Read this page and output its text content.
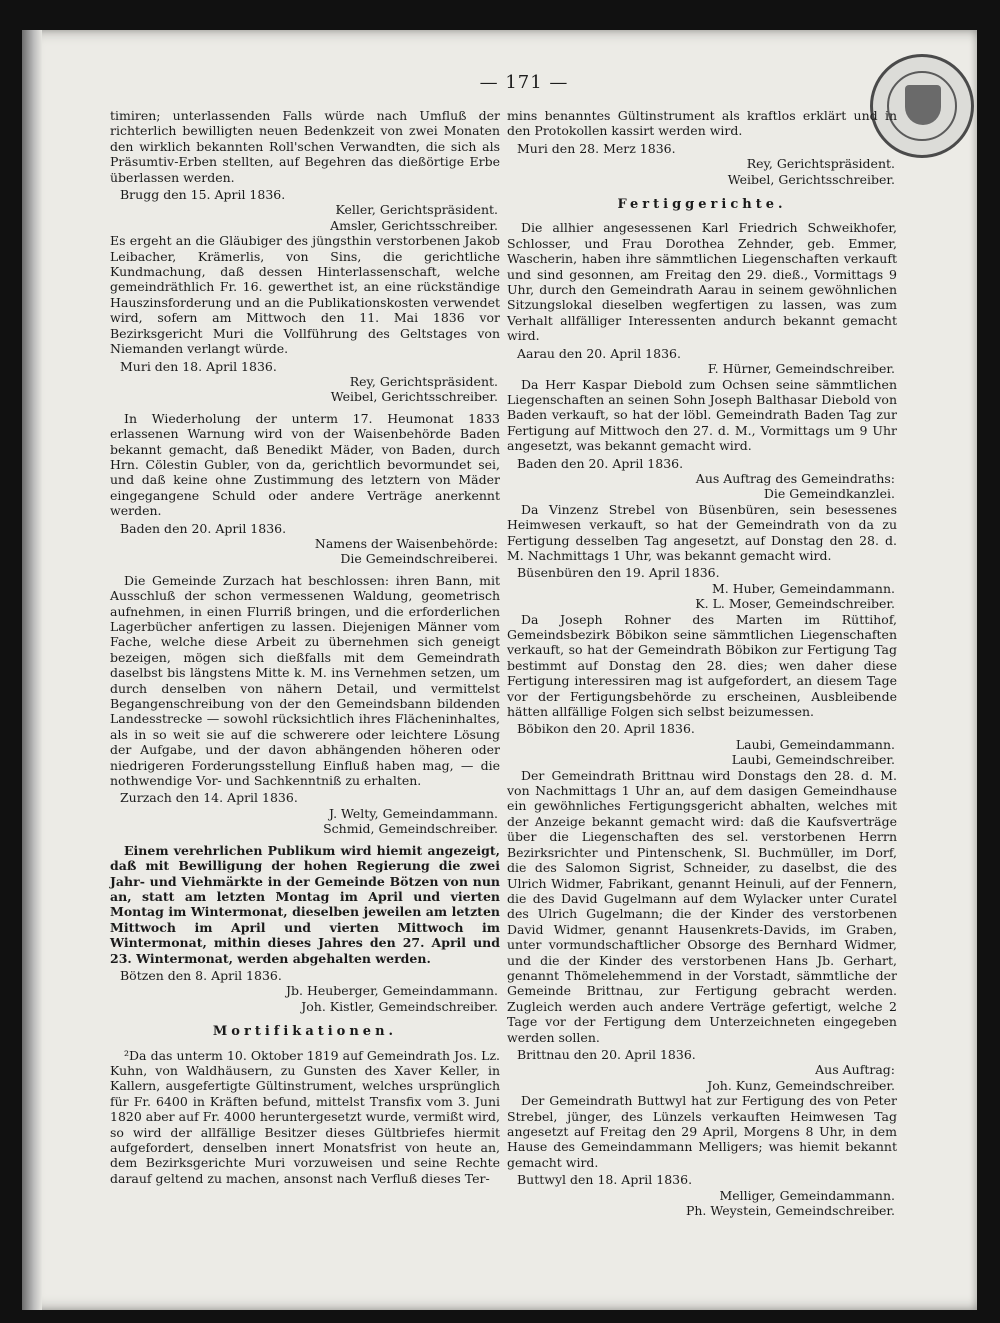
— 171 —
timiren; unterlassenden Falls würde nach Umfluß der richterlich bewilligten neuen Bedenkzeit von zwei Monaten den wirklich bekannten Roll'schen Verwandten, die sich als Präsumtiv-Erben stellten, auf Begehren das dießörtige Erbe überlassen werden.
Brugg den 15. April 1836.
Keller, Gerichtspräsident.
Amsler, Gerichtsschreiber.
Es ergeht an die Gläubiger des jüngsthin verstorbenen Jakob Leibacher, Krämerlis, von Sins, die gerichtliche Kundmachung, daß dessen Hinterlassenschaft, welche gemeindräthlich Fr. 16. gewerthet ist, an eine rückständige Hauszinsforderung und an die Publikationskosten verwendet wird, sofern am Mittwoch den 11. Mai 1836 vor Bezirksgericht Muri die Vollführung des Geltstages von Niemanden verlangt würde.
Muri den 18. April 1836.
Rey, Gerichtspräsident.
Weibel, Gerichtsschreiber.
In Wiederholung der unterm 17. Heumonat 1833 erlassenen Warnung wird von der Waisenbehörde Baden bekannt gemacht, daß Benedikt Mäder, von Baden, durch Hrn. Cölestin Gubler, von da, gerichtlich bevormundet sei, und daß keine ohne Zustimmung des letztern von Mäder eingegangene Schuld oder andere Verträge anerkennt werden.
Baden den 20. April 1836.
Namens der Waisenbehörde:
Die Gemeindschreiberei.
Die Gemeinde Zurzach hat beschlossen: ihren Bann, mit Ausschluß der schon vermessenen Waldung, geometrisch aufnehmen, in einen Flurriß bringen, und die erforderlichen Lagerbücher anfertigen zu lassen. Diejenigen Männer vom Fache, welche diese Arbeit zu übernehmen sich geneigt bezeigen, mögen sich dießfalls mit dem Gemeindrath daselbst bis längstens Mitte k. M. ins Vernehmen setzen, um durch denselben von nähern Detail, und vermittelst Begangenschreibung von der den Gemeindsbann bildenden Landesstrecke — sowohl rücksichtlich ihres Flächeninhaltes, als in so weit sie auf die schwerere oder leichtere Lösung der Aufgabe, und der davon abhängenden höheren oder niedrigeren Forderungsstellung Einfluß haben mag, — die nothwendige Vor- und Sachkenntniß zu erhalten.
Zurzach den 14. April 1836.
J. Welty, Gemeindammann.
Schmid, Gemeindschreiber.
Einem verehrlichen Publikum wird hiemit angezeigt, daß mit Bewilligung der hohen Regierung die zwei Jahr- und Viehmärkte in der Gemeinde Bötzen von nun an, statt am letzten Montag im April und vierten Montag im Wintermonat, dieselben jeweilen am letzten Mittwoch im April und vierten Mittwoch im Wintermonat, mithin dieses Jahres den 27. April und 23. Wintermonat, werden abgehalten werden.
Bötzen den 8. April 1836.
Jb. Heuberger, Gemeindammann.
Joh. Kistler, Gemeindschreiber.
Mortifikationen.
²Da das unterm 10. Oktober 1819 auf Gemeindrath Jos. Lz. Kuhn, von Waldhäusern, zu Gunsten des Xaver Keller, in Kallern, ausgefertigte Gültinstrument, welches ursprünglich für Fr. 6400 in Kräften befund, mittelst Transfix vom 3. Juni 1820 aber auf Fr. 4000 heruntergesetzt wurde, vermißt wird, so wird der allfällige Besitzer dieses Gültbriefes hiermit aufgefordert, denselben innert Monatsfrist von heute an, dem Bezirksgerichte Muri vorzuweisen und seine Rechte darauf geltend zu machen, ansonst nach Verfluß dieses Ter-
mins benanntes Gültinstrument als kraftlos erklärt und in den Protokollen kassirt werden wird.
Muri den 28. Merz 1836.
Rey, Gerichtspräsident.
Weibel, Gerichtsschreiber.
Fertiggerichte.
Die allhier angesessenen Karl Friedrich Schweikhofer, Schlosser, und Frau Dorothea Zehnder, geb. Emmer, Wascherin, haben ihre sämmtlichen Liegenschaften verkauft und sind gesonnen, am Freitag den 29. dieß., Vormittags 9 Uhr, durch den Gemeindrath Aarau in seinem gewöhnlichen Sitzungslokal dieselben wegfertigen zu lassen, was zum Verhalt allfälliger Interessenten andurch bekannt gemacht wird.
Aarau den 20. April 1836.
F. Hürner, Gemeindschreiber.
Da Herr Kaspar Diebold zum Ochsen seine sämmtlichen Liegenschaften an seinen Sohn Joseph Balthasar Diebold von Baden verkauft, so hat der löbl. Gemeindrath Baden Tag zur Fertigung auf Mittwoch den 27. d. M., Vormittags um 9 Uhr angesetzt, was bekannt gemacht wird.
Baden den 20. April 1836.
Aus Auftrag des Gemeindraths:
Die Gemeindkanzlei.
Da Vinzenz Strebel von Büsenbüren, sein besessenes Heimwesen verkauft, so hat der Gemeindrath von da zu Fertigung desselben Tag angesetzt, auf Donstag den 28. d. M. Nachmittags 1 Uhr, was bekannt gemacht wird.
Büsenbüren den 19. April 1836.
M. Huber, Gemeindammann.
K. L. Moser, Gemeindschreiber.
Da Joseph Rohner des Marten im Rüttihof, Gemeindsbezirk Böbikon seine sämmtlichen Liegenschaften verkauft, so hat der Gemeindrath Böbikon zur Fertigung Tag bestimmt auf Donstag den 28. dies; wen daher diese Fertigung interessiren mag ist aufgefordert, an diesem Tage vor der Fertigungsbehörde zu erscheinen, Ausbleibende hätten allfällige Folgen sich selbst beizumessen.
Böbikon den 20. April 1836.
Laubi, Gemeindammann.
Laubi, Gemeindschreiber.
Der Gemeindrath Brittnau wird Donstags den 28. d. M. von Nachmittags 1 Uhr an, auf dem dasigen Gemeindhause ein gewöhnliches Fertigungsgericht abhalten, welches mit der Anzeige bekannt gemacht wird: daß die Kaufsverträge über die Liegenschaften des sel. verstorbenen Herrn Bezirksrichter und Pintenschenk, Sl. Buchmüller, im Dorf, die des Salomon Sigrist, Schneider, zu daselbst, die des Ulrich Widmer, Fabrikant, genannt Heinuli, auf der Fennern, die des David Gugelmann auf dem Wylacker unter Curatel des Ulrich Gugelmann; die der Kinder des verstorbenen David Widmer, genannt Hausenkrets-Davids, im Graben, unter vormundschaftlicher Obsorge des Bernhard Widmer, und die der Kinder des verstorbenen Hans Jb. Gerhart, genannt Thömelehemmend in der Vorstadt, sämmtliche der Gemeinde Brittnau, zur Fertigung gebracht werden. Zugleich werden auch andere Verträge gefertigt, welche 2 Tage vor der Fertigung dem Unterzeichneten eingegeben werden sollen.
Brittnau den 20. April 1836.
Aus Auftrag:
Joh. Kunz, Gemeindschreiber.
Der Gemeindrath Buttwyl hat zur Fertigung des von Peter Strebel, jünger, des Lünzels verkauften Heimwesen Tag angesetzt auf Freitag den 29 April, Morgens 8 Uhr, in dem Hause des Gemeindammann Melligers; was hiemit bekannt gemacht wird.
Buttwyl den 18. April 1836.
Melliger, Gemeindammann.
Ph. Weystein, Gemeindschreiber.
